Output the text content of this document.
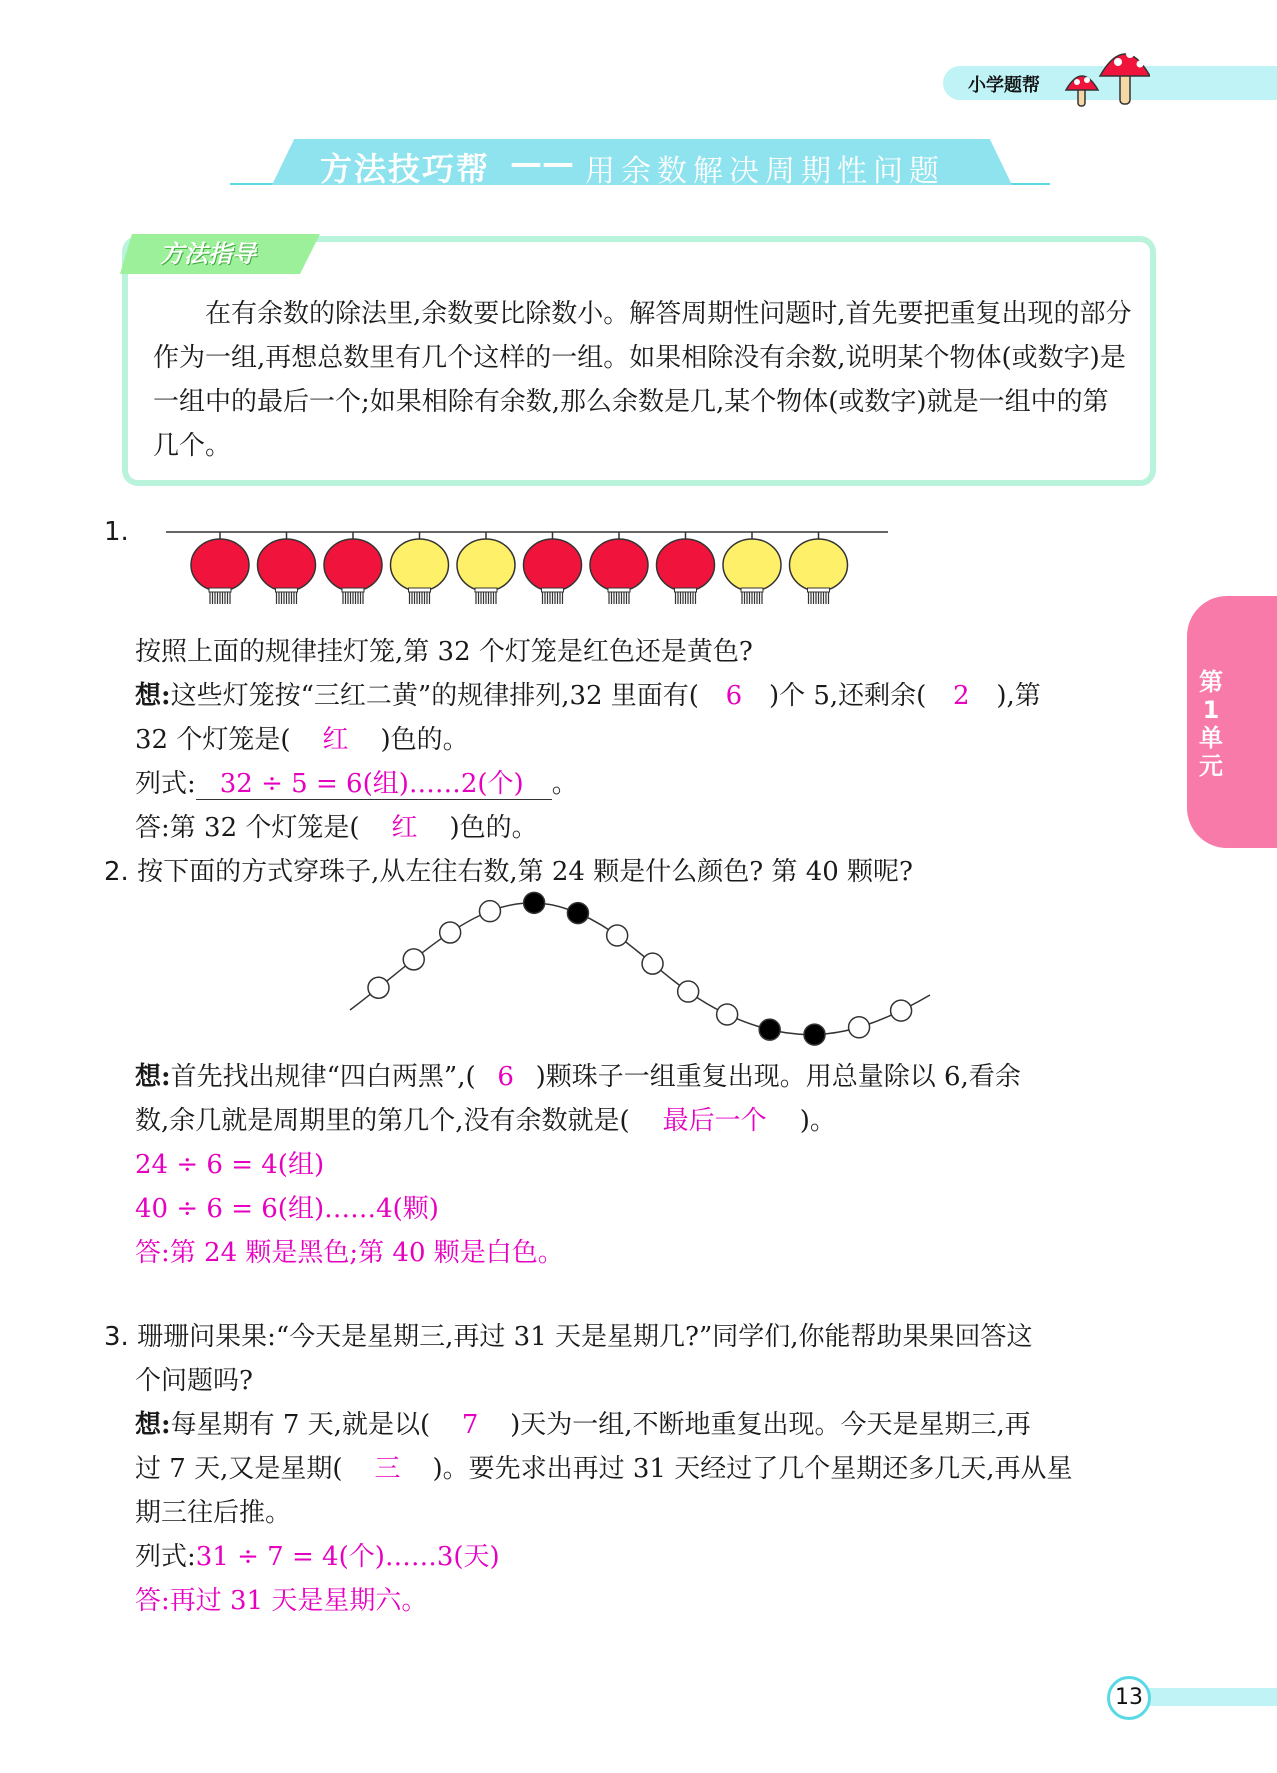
小学题帮
方法技巧帮 —— 用余数解决周期性问题
方法指导

在有余数的除法里,余数要比除数小。解答周期性问题时,首先要把重复出现的部分作为一组,再想总数里有几个这样的一组。如果相除没有余数,说明某个物体(或数字)是一组中的最后一个;如果相除有余数,那么余数是几,某个物体(或数字)就是一组中的第几个。

1.
按照上面的规律挂灯笼,第 32 个灯笼是红色还是黄色?
想:这些灯笼按“三红二黄”的规律排列,32 里面有( 6 )个 5,还剩余( 2 ),第
32 个灯笼是( 红 )色的。
列式: 32 ÷ 5 = 6(组)……2(个) 。
答:第 32 个灯笼是( 红 )色的。
2. 按下面的方式穿珠子,从左往右数,第 24 颗是什么颜色? 第 40 颗呢?
想:首先找出规律“四白两黑”,( 6 )颗珠子一组重复出现。用总量除以 6,看余
数,余几就是周期里的第几个,没有余数就是( 最后一个 )。
24 ÷ 6 = 4(组)
40 ÷ 6 = 6(组)……4(颗)
答:第 24 颗是黑色;第 40 颗是白色。
3. 珊珊问果果:“今天是星期三,再过 31 天是星期几?”同学们,你能帮助果果回答这
个问题吗?
想:每星期有 7 天,就是以( 7 )天为一组,不断地重复出现。今天是星期三,再
过 7 天,又是星期( 三 )。要先求出再过 31 天经过了几个星期还多几天,再从星
期三往后推。
列式:31 ÷ 7 = 4(个)……3(天)
答:再过 31 天是星期六。
第1单元
13
